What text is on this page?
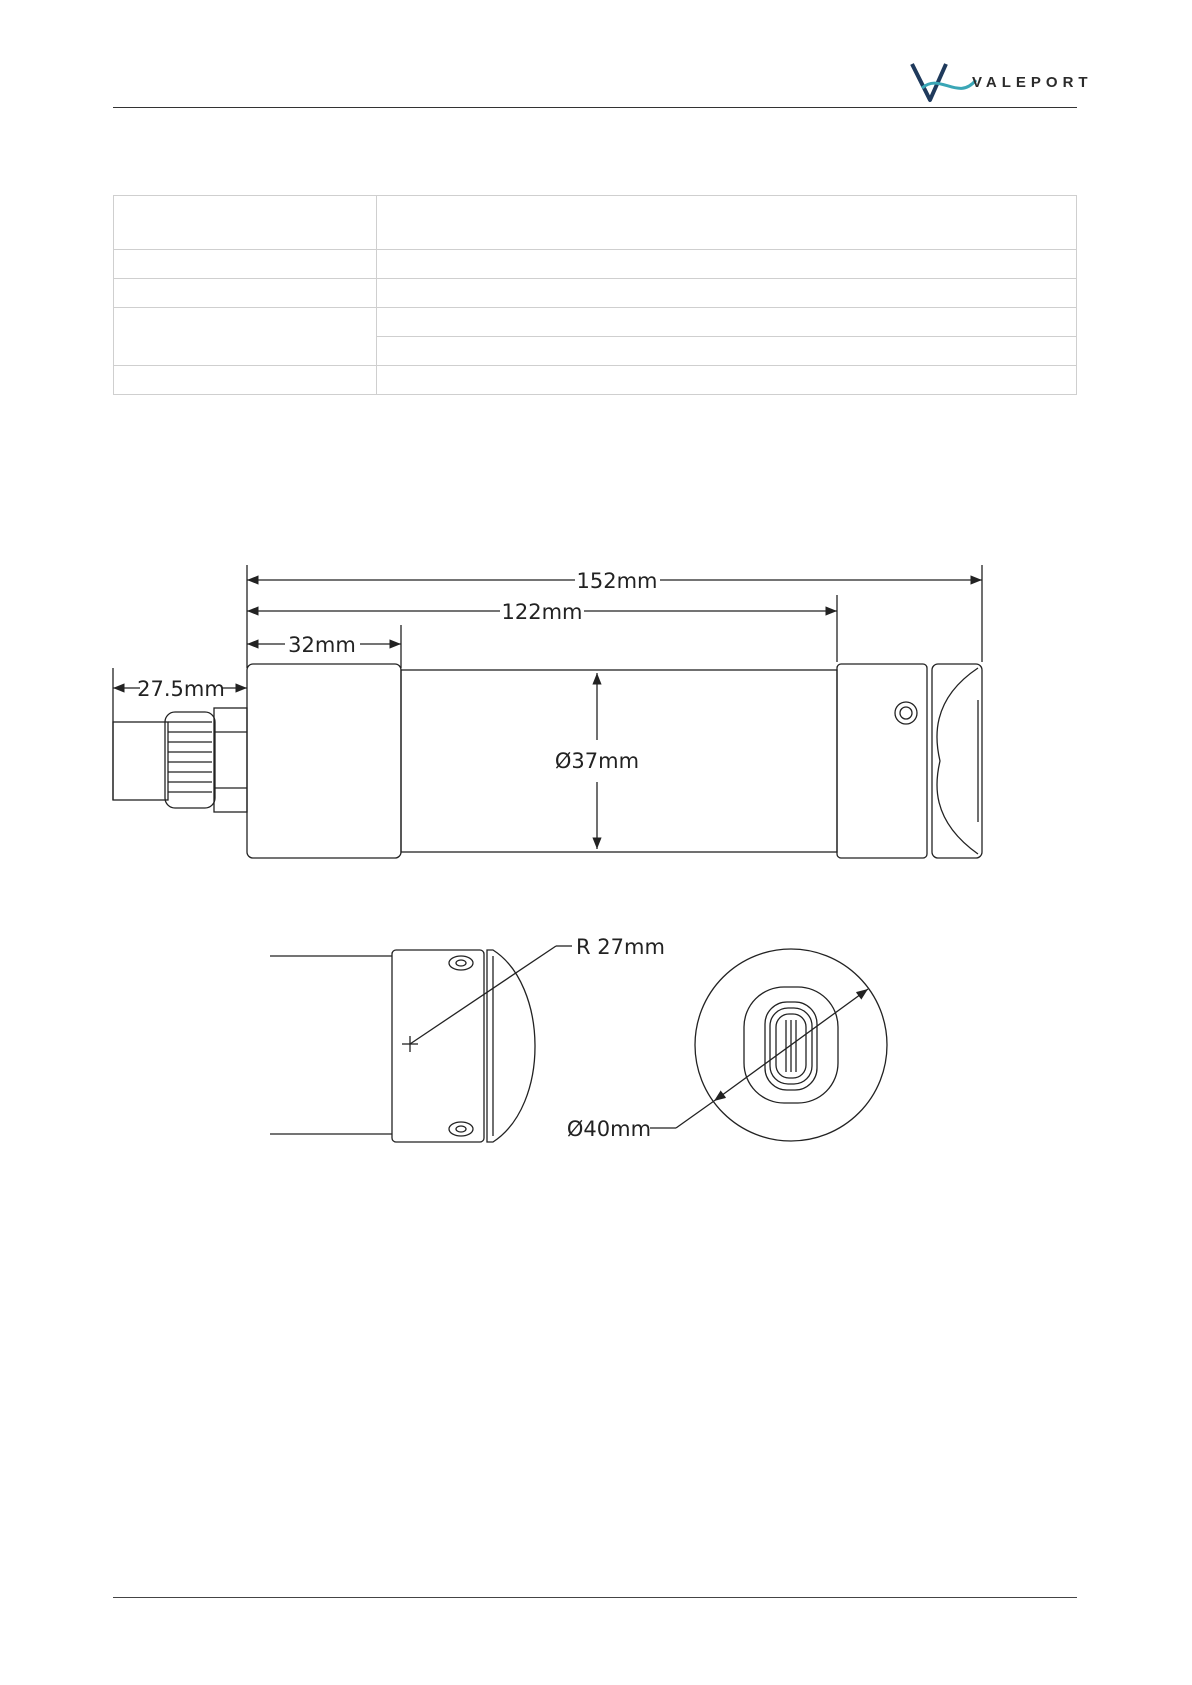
VALEPORT

152mm
122mm
32mm
27.5mm
Ø37mm
R 27mm
Ø40mm
